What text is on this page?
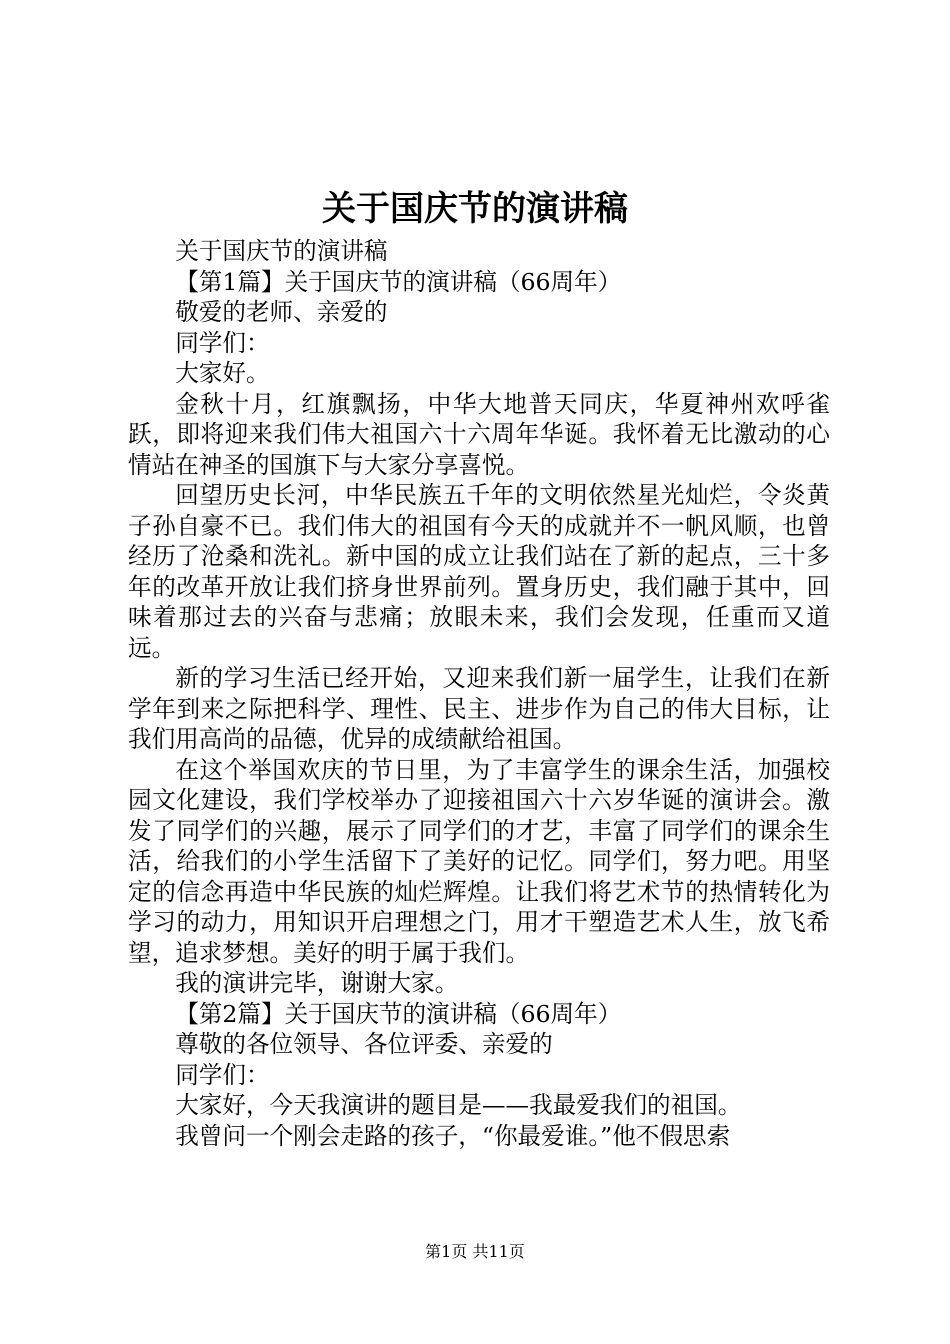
关于国庆节的演讲稿

关于国庆节的演讲稿

【第1篇】关于国庆节的演讲稿（66周年）

敬爱的老师、亲爱的

同学们：

大家好。

金秋十月，红旗飘扬，中华大地普天同庆，华夏神州欢呼雀跃，即将迎来我们伟大祖国六十六周年华诞。我怀着无比激动的心情站在神圣的国旗下与大家分享喜悦。

回望历史长河，中华民族五千年的文明依然星光灿烂，令炎黄子孙自豪不已。我们伟大的祖国有今天的成就并不一帆风顺，也曾经历了沧桑和洗礼。新中国的成立让我们站在了新的起点，三十多年的改革开放让我们挤身世界前列。置身历史，我们融于其中，回味着那过去的兴奋与悲痛；放眼未来，我们会发现，任重而又道远。

新的学习生活已经开始，又迎来我们新一届学生，让我们在新学年到来之际把科学、理性、民主、进步作为自己的伟大目标，让我们用高尚的品德，优异的成绩献给祖国。

在这个举国欢庆的节日里，为了丰富学生的课余生活，加强校园文化建设，我们学校举办了迎接祖国六十六岁华诞的演讲会。激发了同学们的兴趣，展示了同学们的才艺，丰富了同学们的课余生活，给我们的小学生活留下了美好的记忆。同学们，努力吧。用坚定的信念再造中华民族的灿烂辉煌。让我们将艺术节的热情转化为学习的动力，用知识开启理想之门，用才干塑造艺术人生，放飞希望，追求梦想。美好的明于属于我们。

我的演讲完毕，谢谢大家。

【第2篇】关于国庆节的演讲稿（66周年）

尊敬的各位领导、各位评委、亲爱的

同学们：

大家好，今天我演讲的题目是——我最爱我们的祖国。

我曾问一个刚会走路的孩子，“你最爱谁。”他不假思索

第1页 共11页
